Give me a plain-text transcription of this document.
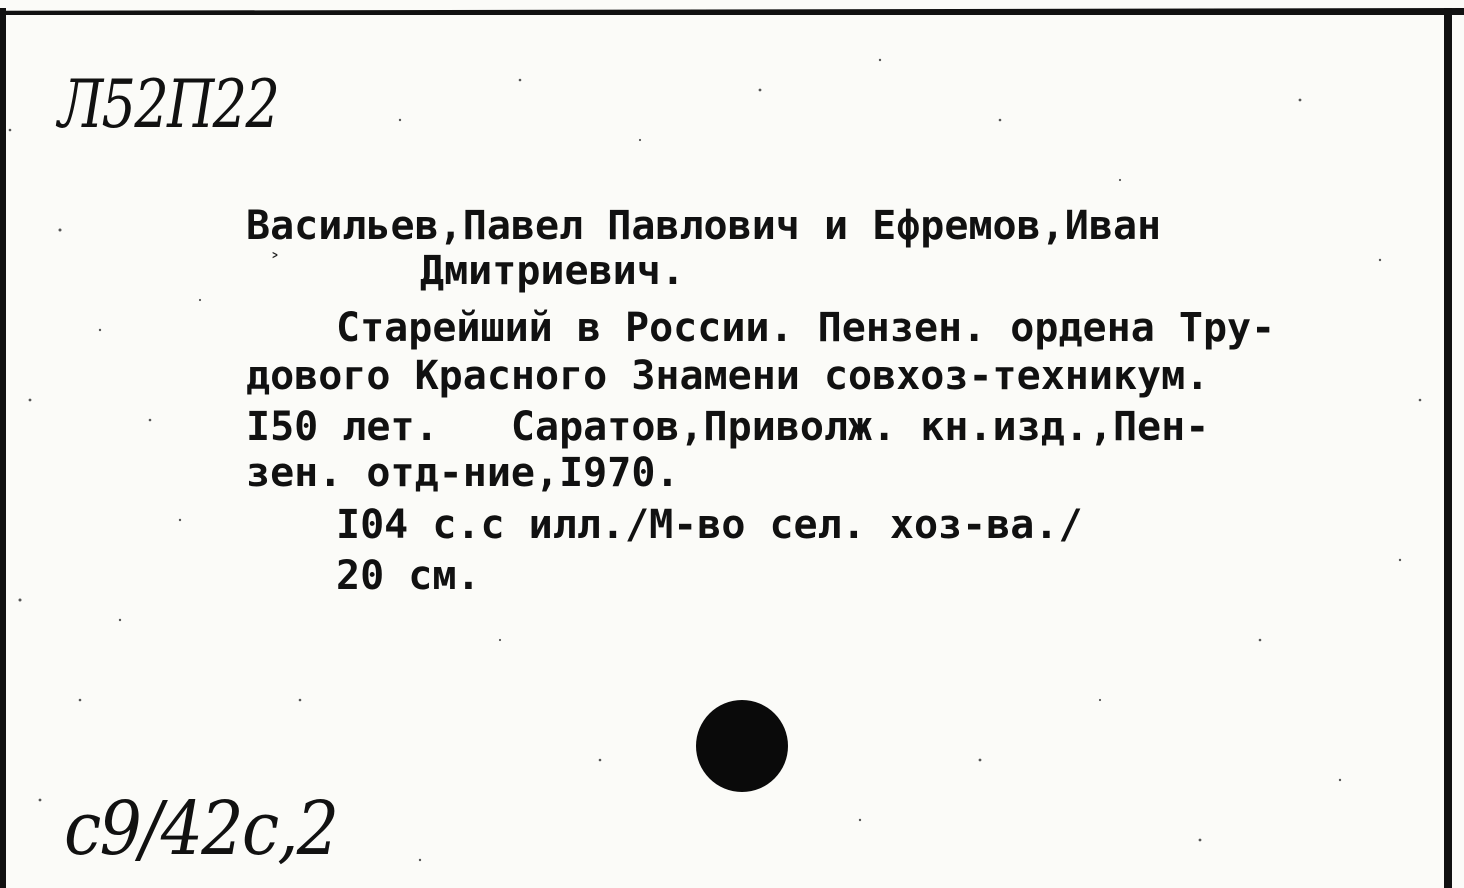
Л52П22
˃
Васильев,Павел Павлович и Ефремов,Иван
Дмитриевич.
Старейший в России. Пензен. ордена Тру-
дового Красного Знамени совхоз-техникум.
I50 лет.   Саратов,Приволж. кн.изд.,Пен-
зен. отд-ние,I970.
I04 с.с илл./М-во сел. хоз-ва./
20 см.
с9/42с,2
